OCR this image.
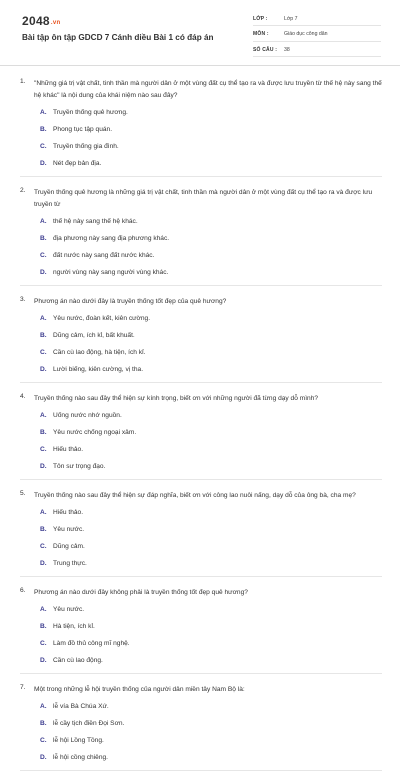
2048.vn
Bài tập ôn tập GDCD 7 Cánh diều Bài 1 có đáp án
LỚP :	Lớp 7
MÔN :	Giáo dục công dân
SỐ CÂU :	38
1. "Những giá trị vật chất, tinh thần mà người dân ở một vùng đất cụ thể tạo ra và được lưu truyền từ thế hệ này sang thế hệ khác" là nội dung của khái niệm nào sau đây?
A. Truyền thống quê hương.
B. Phong tục tập quán.
C. Truyền thống gia đình.
D. Nét đẹp bản địa.
2. Truyền thống quê hương là những giá trị vật chất, tinh thần mà người dân ở một vùng đất cụ thể tạo ra và được lưu truyền từ
A. thế hệ này sang thế hệ khác.
B. địa phương này sang địa phương khác.
C. đất nước này sang đất nước khác.
D. người vùng này sang người vùng khác.
3. Phương án nào dưới đây là truyền thống tốt đẹp của quê hương?
A. Yêu nước, đoàn kết, kiên cường.
B. Dũng cảm, ích kỉ, bất khuất.
C. Cần cù lao động, hà tiện, ích kỉ.
D. Lười biếng, kiên cường, vị tha.
4. Truyền thống nào sau đây thể hiện sự kính trọng, biết ơn với những người đã từng dạy dỗ mình?
A. Uống nước nhớ nguồn.
B. Yêu nước chống ngoại xâm.
C. Hiếu thảo.
D. Tôn sư trọng đạo.
5. Truyền thống nào sau đây thể hiện sự đáp nghĩa, biết ơn với công lao nuôi nấng, dạy dỗ của ông bà, cha mẹ?
A. Hiếu thảo.
B. Yêu nước.
C. Dũng cảm.
D. Trung thực.
6. Phương án nào dưới đây không phải là truyền thống tốt đẹp quê hương?
A. Yêu nước.
B. Hà tiện, ích kỉ.
C. Làm đồ thủ công mĩ nghệ.
D. Cần cù lao động.
7. Một trong những lễ hội truyền thống của người dân miền tây Nam Bộ là:
A. lễ vía Bà Chúa Xứ.
B. lễ cầy tịch điền Đọi Sơn.
C. lễ hội Lồng Tồng.
D. lễ hội cồng chiêng.
